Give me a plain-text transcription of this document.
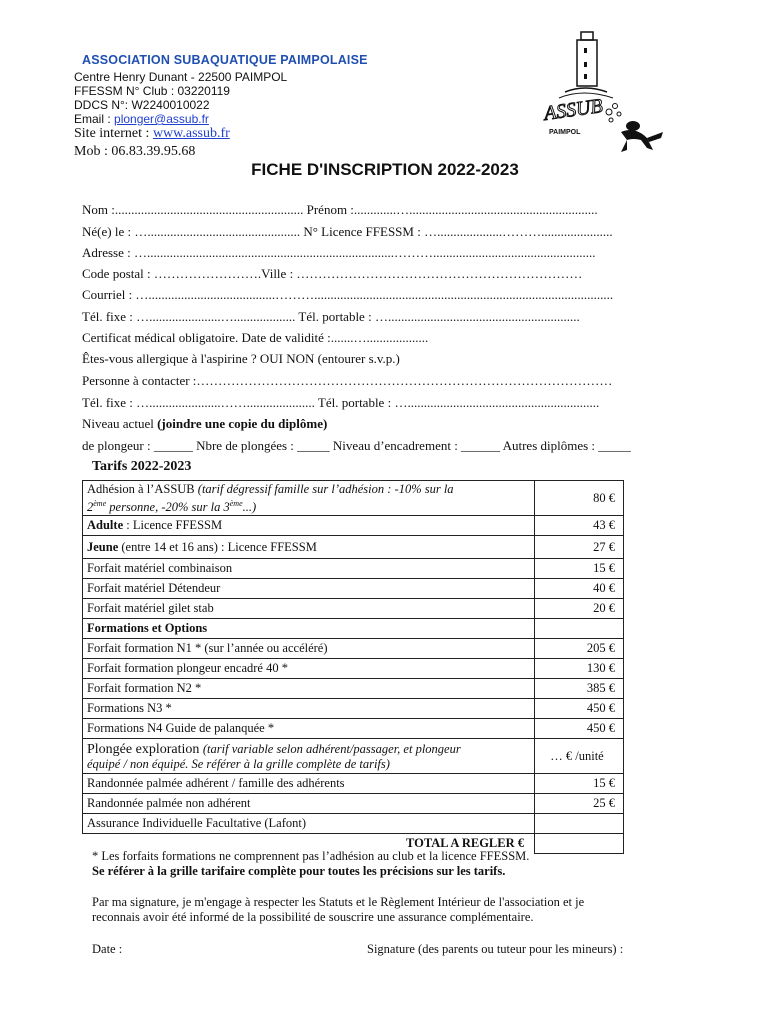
ASSOCIATION SUBAQUATIQUE PAIMPOLAISE
Centre Henry Dunant - 22500 PAIMPOL
FFESSM N° Club : 03220119
DDCS N°: W2240010022
Email : plonger@assub.fr
Site internet : www.assub.fr
Mob : 06.83.39.95.68
ASSUB
PAIMPOL
FICHE D'INSCRIPTION 2022-2023
Nom :.......................................................... Prénom :.............…..........................................................
Né(e) le : …............................................... N° Licence FFESSM : …....................………......................
Adresse : …............................................................................………..................................................
Code postal : …………………….Ville : …………………………………………………………
Courriel : ….......................................………............................................................................................
Tél. fixe : …......................…................... Tél. portable : …...........................................................
Certificat médical obligatoire. Date de validité :.......…...................
Êtes-vous allergique à l'aspirine ? OUI NON (entourer s.v.p.)
Personne à contacter :……………………………………………………………………………………
Tél. fixe : …......................……..................... Tél. portable : …...........................................................
Niveau actuel (joindre une copie du diplôme)
de plongeur : ______ Nbre de plongées : _____ Niveau d’encadrement : ______ Autres diplômes : _____
Tarifs 2022-2023
Adhésion à l’ASSUB (tarif dégressif famille sur l’adhésion : -10% sur la
2ème personne, -20% sur la 3ème...)	80 €
Adulte : Licence FFESSM	43 €
Jeune (entre 14 et 16 ans) : Licence FFESSM	27 €
Forfait matériel combinaison	15 €
Forfait matériel Détendeur	40 €
Forfait matériel gilet stab	20 €
Formations et Options	
Forfait formation N1 * (sur l’année ou accéléré)	205 €
Forfait formation plongeur encadré 40 *	130 €
Forfait formation N2 *	385 €
Formations N3 *	450 €
Formations N4 Guide de palanquée *	450 €
Plongée exploration (tarif variable selon adhérent/passager, et plongeur
équipé / non équipé. Se référer à la grille complète de tarifs)	… € /unité
Randonnée palmée adhérent / famille des adhérents	15 €
Randonnée palmée non adhérent	25 €
Assurance Individuelle Facultative (Lafont)	
TOTAL A REGLER €	
* Les forfaits formations ne comprennent pas l’adhésion au club et la licence FFESSM.
Se référer à la grille tarifaire complète pour toutes les précisions sur les tarifs.
Par ma signature, je m'engage à respecter les Statuts et le Règlement Intérieur de l'association et je
reconnais avoir été informé de la possibilité de souscrire une assurance complémentaire.
Date :	Signature (des parents ou tuteur pour les mineurs) :
